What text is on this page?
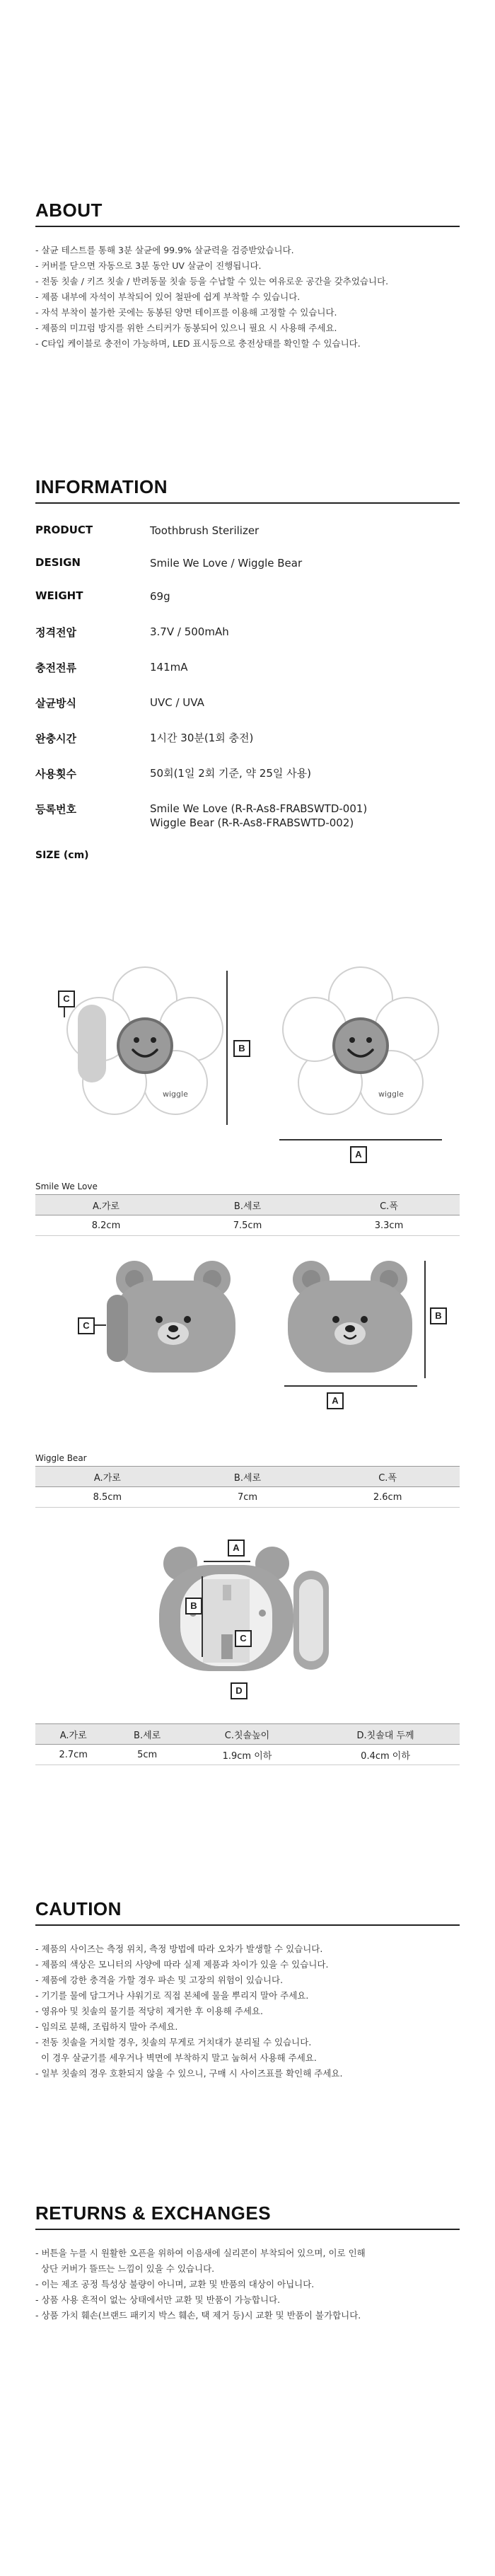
ABOUT
- 살균 테스트를 통해 3분 살균에 99.9% 살균력을 검증받았습니다.
- 커버를 닫으면 자동으로 3분 동안 UV 살균이 진행됩니다.
- 전동 칫솔 / 키즈 칫솔 / 반려동물 칫솔 등을 수납할 수 있는 여유로운 공간을 갖추었습니다.
- 제품 내부에 자석이 부착되어 있어 철판에 쉽게 부착할 수 있습니다.
- 자석 부착이 불가한 곳에는 동봉된 양면 테이프를 이용해 고정할 수 있습니다.
- 제품의 미끄럼 방지를 위한 스티커가 동봉되어 있으니 필요 시 사용해 주세요.
- C타입 케이블로 충전이 가능하며, LED 표시등으로 충전상태를 확인할 수 있습니다.
INFORMATION
PRODUCT	Toothbrush Sterilizer
DESIGN	Smile We Love / Wiggle Bear
WEIGHT	69g
정격전압	3.7V / 500mAh
충전전류	141mA
살균방식	UVC / UVA
완충시간	1시간 30분(1회 충전)
사용횟수	50회(1일 2회 기준, 약 25일 사용)
등록번호	Smile We Love (R-R-As8-FRABSWTD-001)
Wiggle Bear (R-R-As8-FRABSWTD-002)
SIZE (cm)
wiggle
C
B
wiggle
A
Smile We Love
A.가로	B.세로	C.폭
8.2cm	7.5cm	3.3cm
C
A
B
Wiggle Bear
A.가로	B.세로	C.폭
8.5cm	7cm	2.6cm
A
B
C
D
A.가로	B.세로	C.칫솔높이	D.칫솔대 두께
2.7cm	5cm	1.9cm 이하	0.4cm 이하
CAUTION
- 제품의 사이즈는 측정 위치, 측정 방법에 따라 오차가 발생할 수 있습니다.
- 제품의 색상은 모니터의 사양에 따라 실제 제품과 차이가 있을 수 있습니다.
- 제품에 강한 충격을 가할 경우 파손 및 고장의 위험이 있습니다.
- 기기를 물에 담그거나 샤워기로 직접 본체에 물을 뿌리지 말아 주세요.
- 영유아 및 칫솔의 물기를 적당히 제거한 후 이용해 주세요.
- 임의로 분해, 조립하지 말아 주세요.
- 전동 칫솔을 거치할 경우, 칫솔의 무게로 거치대가 분리될 수 있습니다.
이 경우 살균기를 세우거나 벽면에 부착하지 말고 눕혀서 사용해 주세요.
- 일부 칫솔의 경우 호환되지 않을 수 있으니, 구매 시 사이즈표를 확인해 주세요.
RETURNS & EXCHANGES
- 버튼을 누를 시 원활한 오픈을 위하여 이음새에 실리콘이 부착되어 있으며, 이로 인해
상단 커버가 뜰뜨는 느낌이 있을 수 있습니다.
- 이는 제조 공정 특성상 불량이 아니며, 교환 및 반품의 대상이 아닙니다.
- 상품 사용 흔적이 없는 상태에서만 교환 및 반품이 가능합니다.
- 상품 가치 훼손(브랜드 패키지 박스 훼손, 택 제거 등)시 교환 및 반품이 불가합니다.
